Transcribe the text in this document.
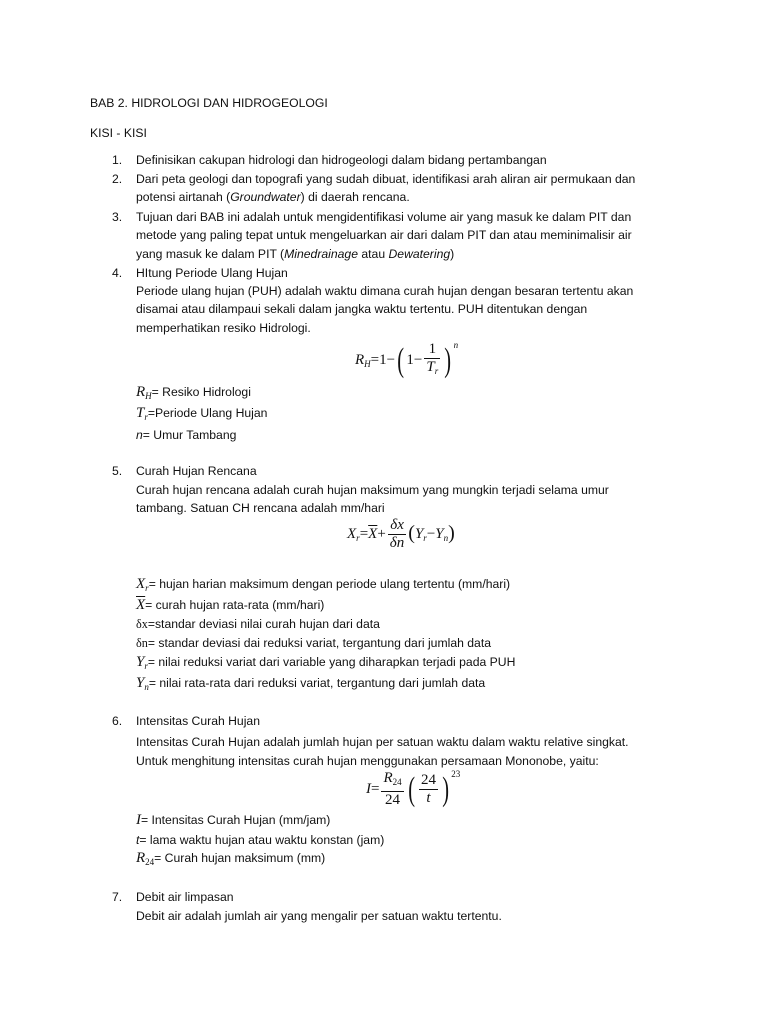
BAB 2. HIDROLOGI DAN HIDROGEOLOGI
KISI - KISI
1. Definisikan cakupan hidrologi dan hidrogeologi dalam bidang pertambangan
2. Dari peta geologi dan topografi yang sudah dibuat, identifikasi arah aliran air permukaan dan
potensi airtanah (Groundwater) di daerah rencana.
3. Tujuan dari BAB ini adalah untuk mengidentifikasi volume air yang masuk ke dalam PIT dan
metode yang paling tepat untuk mengeluarkan air dari dalam PIT dan atau meminimalisir air
yang masuk ke dalam PIT (Minedrainage atau Dewatering)
4. HItung Periode Ulang Hujan
Periode ulang hujan (PUH) adalah waktu dimana curah hujan dengan besaran tertentu akan
disamai atau dilampaui sekali dalam jangka waktu tertentu. PUH ditentukan dengan
memperhatikan resiko Hidrologi.
$R_H=1-$( $1- \frac{1}{T_r}$ ) $^n$
$R_H=$ Resiko Hidrologi
$T_r=Periode$ Ulang Hujan
n= Umur Tambang
5. Curah Hujan Rencana
Curah hujan rencana adalah curah hujan maksimum yang mungkin terjadi selama umur
tambang. Satuan CH rencana adalah mm/hari
$X_r=\overline{X}+ \frac{\delta x}{\delta n} (Y_r-Y_n)$
$X_r=$ hujan harian maksimum dengan periode ulang tertentu (mm/hari)
$\overline{X}=$ curah hujan rata-rata (mm/hari)
δx=standar deviasi nilai curah hujan dari data
δn= standar deviasi dai reduksi variat, tergantung dari jumlah data
$Y_r=$ nilai reduksi variat dari variable yang diharapkan terjadi pada PUH
$Y_n=$ nilai rata-rata dari reduksi variat, tergantung dari jumlah data
6. Intensitas Curah Hujan
Intensitas Curah Hujan adalah jumlah hujan per satuan waktu dalam waktu relative singkat.
Untuk menghitung intensitas curah hujan menggunakan persamaan Mononobe, yaitu:
$I= \frac{R_{24}}{24}$ ( $\frac{24}{t}$ ) $^{23}$
I= Intensitas Curah Hujan (mm/jam)
t= lama waktu hujan atau waktu konstan (jam)
$R_{24}=$ Curah hujan maksimum (mm)
7. Debit air limpasan
Debit air adalah jumlah air yang mengalir per satuan waktu tertentu.
